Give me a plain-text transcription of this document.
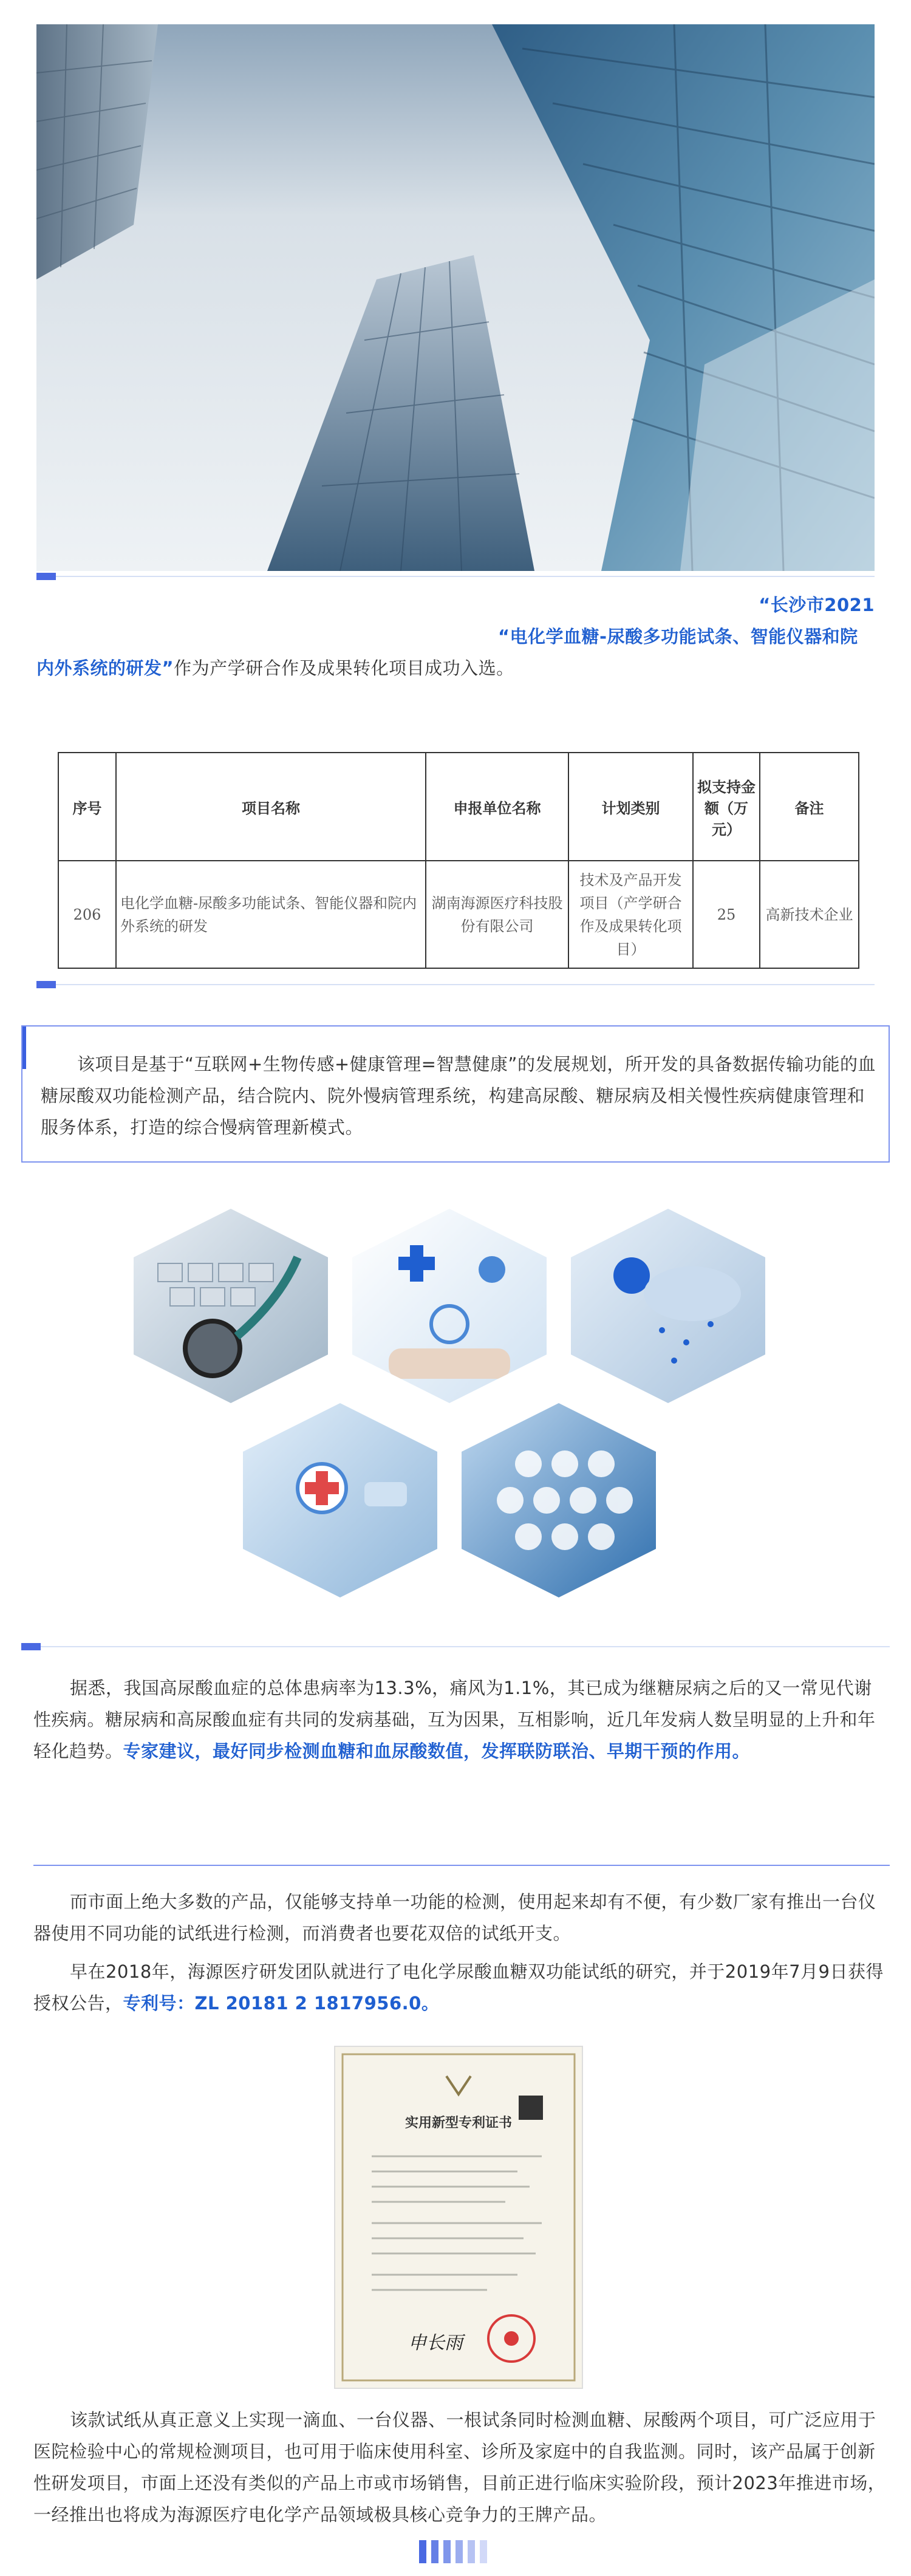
“长沙市2021
“电化学血糖-尿酸多功能试条、智能仪器和院内外系统的研发”作为产学研合作及成果转化项目成功入选。
序号	项目名称	申报单位名称	计划类别	拟支持金额（万元）	备注
206	电化学血糖-尿酸多功能试条、智能仪器和院内外系统的研发	湖南海源医疗科技股份有限公司	技术及产品开发项目（产学研合作及成果转化项目）	25	高新技术企业

该项目是基于“互联网+生物传感+健康管理=智慧健康”的发展规划，所开发的具备数据传输功能的血糖尿酸双功能检测产品，结合院内、院外慢病管理系统，构建高尿酸、糖尿病及相关慢性疾病健康管理和服务体系，打造的综合慢病管理新模式。

据悉，我国高尿酸血症的总体患病率为13.3%，痛风为1.1%，其已成为继糖尿病之后的又一常见代谢性疾病。糖尿病和高尿酸血症有共同的发病基础，互为因果，互相影响，近几年发病人数呈明显的上升和年轻化趋势。专家建议，最好同步检测血糖和血尿酸数值，发挥联防联治、早期干预的作用。

而市面上绝大多数的产品，仅能够支持单一功能的检测，使用起来却有不便，有少数厂家有推出一台仪器使用不同功能的试纸进行检测，而消费者也要花双倍的试纸开支。

早在2018年，海源医疗研发团队就进行了电化学尿酸血糖双功能试纸的研究，并于2019年7月9日获得授权公告，专利号：ZL 20181 2 1817956.0。

实用新型专利证书
申长雨

该款试纸从真正意义上实现一滴血、一台仪器、一根试条同时检测血糖、尿酸两个项目，可广泛应用于医院检验中心的常规检测项目，也可用于临床使用科室、诊所及家庭中的自我监测。同时，该产品属于创新性研发项目，市面上还没有类似的产品上市或市场销售，目前正进行临床实验阶段，预计2023年推进市场，一经推出也将成为海源医疗电化学产品领域极具核心竞争力的王牌产品。
